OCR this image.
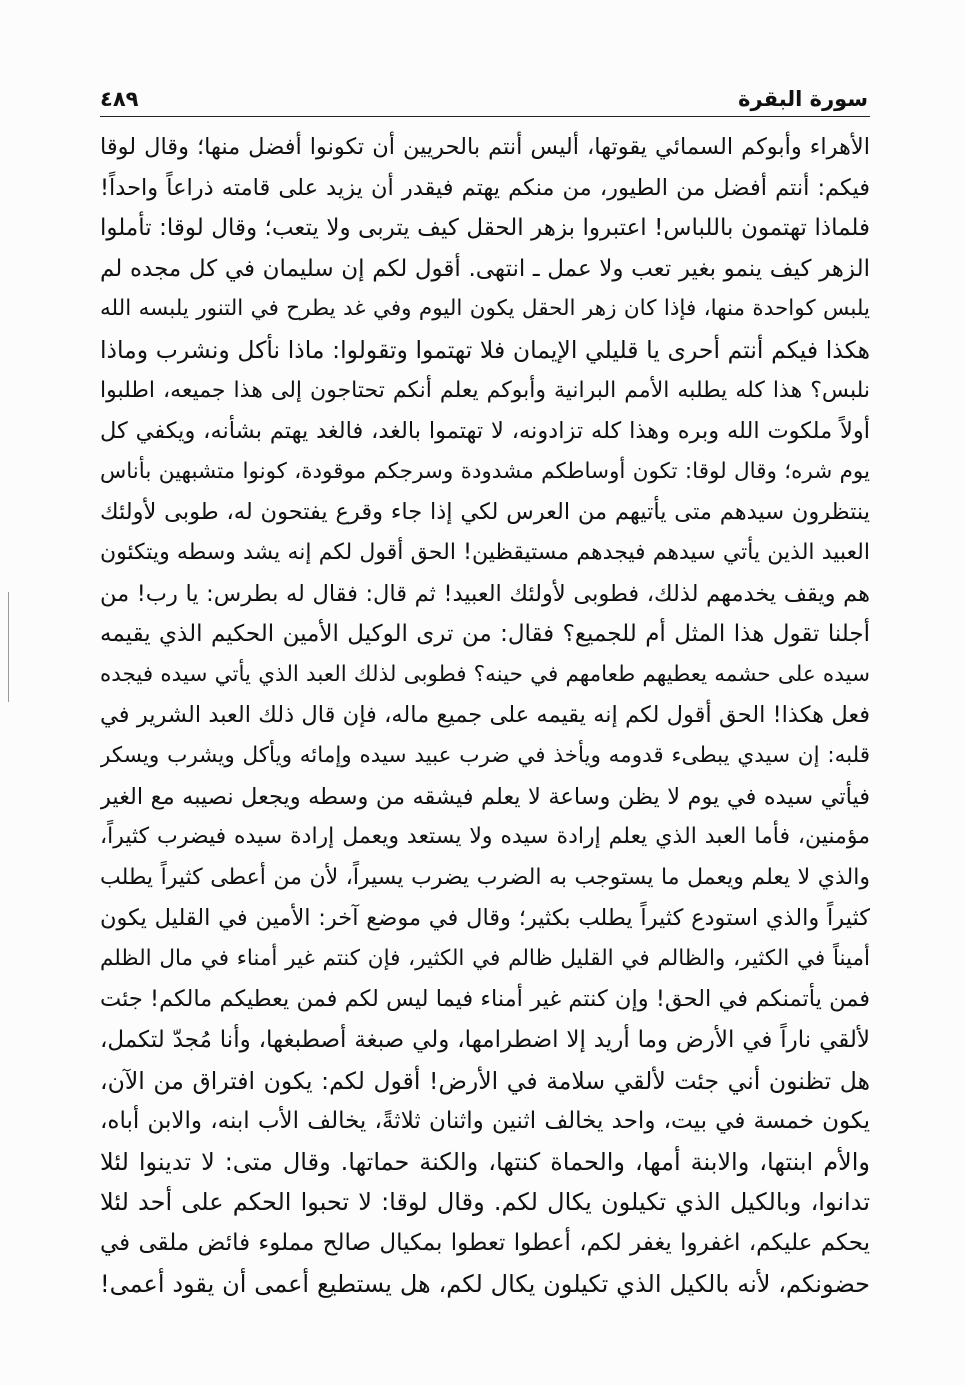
سورة البقرة
٤٨٩
الأهراء وأبوكم السمائي يقوتها، أليس أنتم بالحريين أن تكونوا أفضل منها؛ وقال لوقا
فيكم: أنتم أفضل من الطيور، من منكم يهتم فيقدر أن يزيد على قامته ذراعاً واحداً!
فلماذا تهتمون باللباس! اعتبروا بزهر الحقل كيف يتربى ولا يتعب؛ وقال لوقا: تأملوا
الزهر كيف ينمو بغير تعب ولا عمل ـ انتهى. أقول لكم إن سليمان في كل مجده لم
يلبس كواحدة منها، فإذا كان زهر الحقل يكون اليوم وفي غد يطرح في التنور يلبسه الله
هكذا فيكم أنتم أحرى يا قليلي الإيمان فلا تهتموا وتقولوا: ماذا نأكل ونشرب وماذا
نلبس؟ هذا كله يطلبه الأمم البرانية وأبوكم يعلم أنكم تحتاجون إلى هذا جميعه، اطلبوا
أولاً ملكوت الله وبره وهذا كله تزادونه، لا تهتموا بالغد، فالغد يهتم بشأنه، ويكفي كل
يوم شره؛ وقال لوقا: تكون أوساطكم مشدودة وسرجكم موقودة، كونوا متشبهين بأناس
ينتظرون سيدهم متى يأتيهم من العرس لكي إذا جاء وقرع يفتحون له، طوبى لأولئك
العبيد الذين يأتي سيدهم فيجدهم مستيقظين! الحق أقول لكم إنه يشد وسطه ويتكئون
هم ويقف يخدمهم لذلك، فطوبى لأولئك العبيد! ثم قال: فقال له بطرس: يا رب! من
أجلنا تقول هذا المثل أم للجميع؟ فقال: من ترى الوكيل الأمين الحكيم الذي يقيمه
سيده على حشمه يعطيهم طعامهم في حينه؟ فطوبى لذلك العبد الذي يأتي سيده فيجده
فعل هكذا! الحق أقول لكم إنه يقيمه على جميع ماله، فإن قال ذلك العبد الشرير في
قلبه: إن سيدي يبطىء قدومه ويأخذ في ضرب عبيد سيده وإمائه ويأكل ويشرب ويسكر
فيأتي سيده في يوم لا يظن وساعة لا يعلم فيشقه من وسطه ويجعل نصيبه مع الغير
مؤمنين، فأما العبد الذي يعلم إرادة سيده ولا يستعد ويعمل إرادة سيده فيضرب كثيراً،
والذي لا يعلم ويعمل ما يستوجب به الضرب يضرب يسيراً، لأن من أعطى كثيراً يطلب
كثيراً والذي استودع كثيراً يطلب بكثير؛ وقال في موضع آخر: الأمين في القليل يكون
أميناً في الكثير، والظالم في القليل ظالم في الكثير، فإن كنتم غير أمناء في مال الظلم
فمن يأتمنكم في الحق! وإن كنتم غير أمناء فيما ليس لكم فمن يعطيكم مالكم! جئت
لألقي ناراً في الأرض وما أريد إلا اضطرامها، ولي صبغة أصطبغها، وأنا مُجدّ لتكمل،
هل تظنون أني جئت لألقي سلامة في الأرض! أقول لكم: يكون افتراق من الآن،
يكون خمسة في بيت، واحد يخالف اثنين واثنان ثلاثةً، يخالف الأب ابنه، والابن أباه،
والأم ابنتها، والابنة أمها، والحماة كنتها، والكنة حماتها. وقال متى: لا تدينوا لئلا
تدانوا، وبالكيل الذي تكيلون يكال لكم. وقال لوقا: لا تحبوا الحكم على أحد لئلا
يحكم عليكم، اغفروا يغفر لكم، أعطوا تعطوا بمكيال صالح مملوء فائض ملقى في
حضونكم، لأنه بالكيل الذي تكيلون يكال لكم، هل يستطيع أعمى أن يقود أعمى!
